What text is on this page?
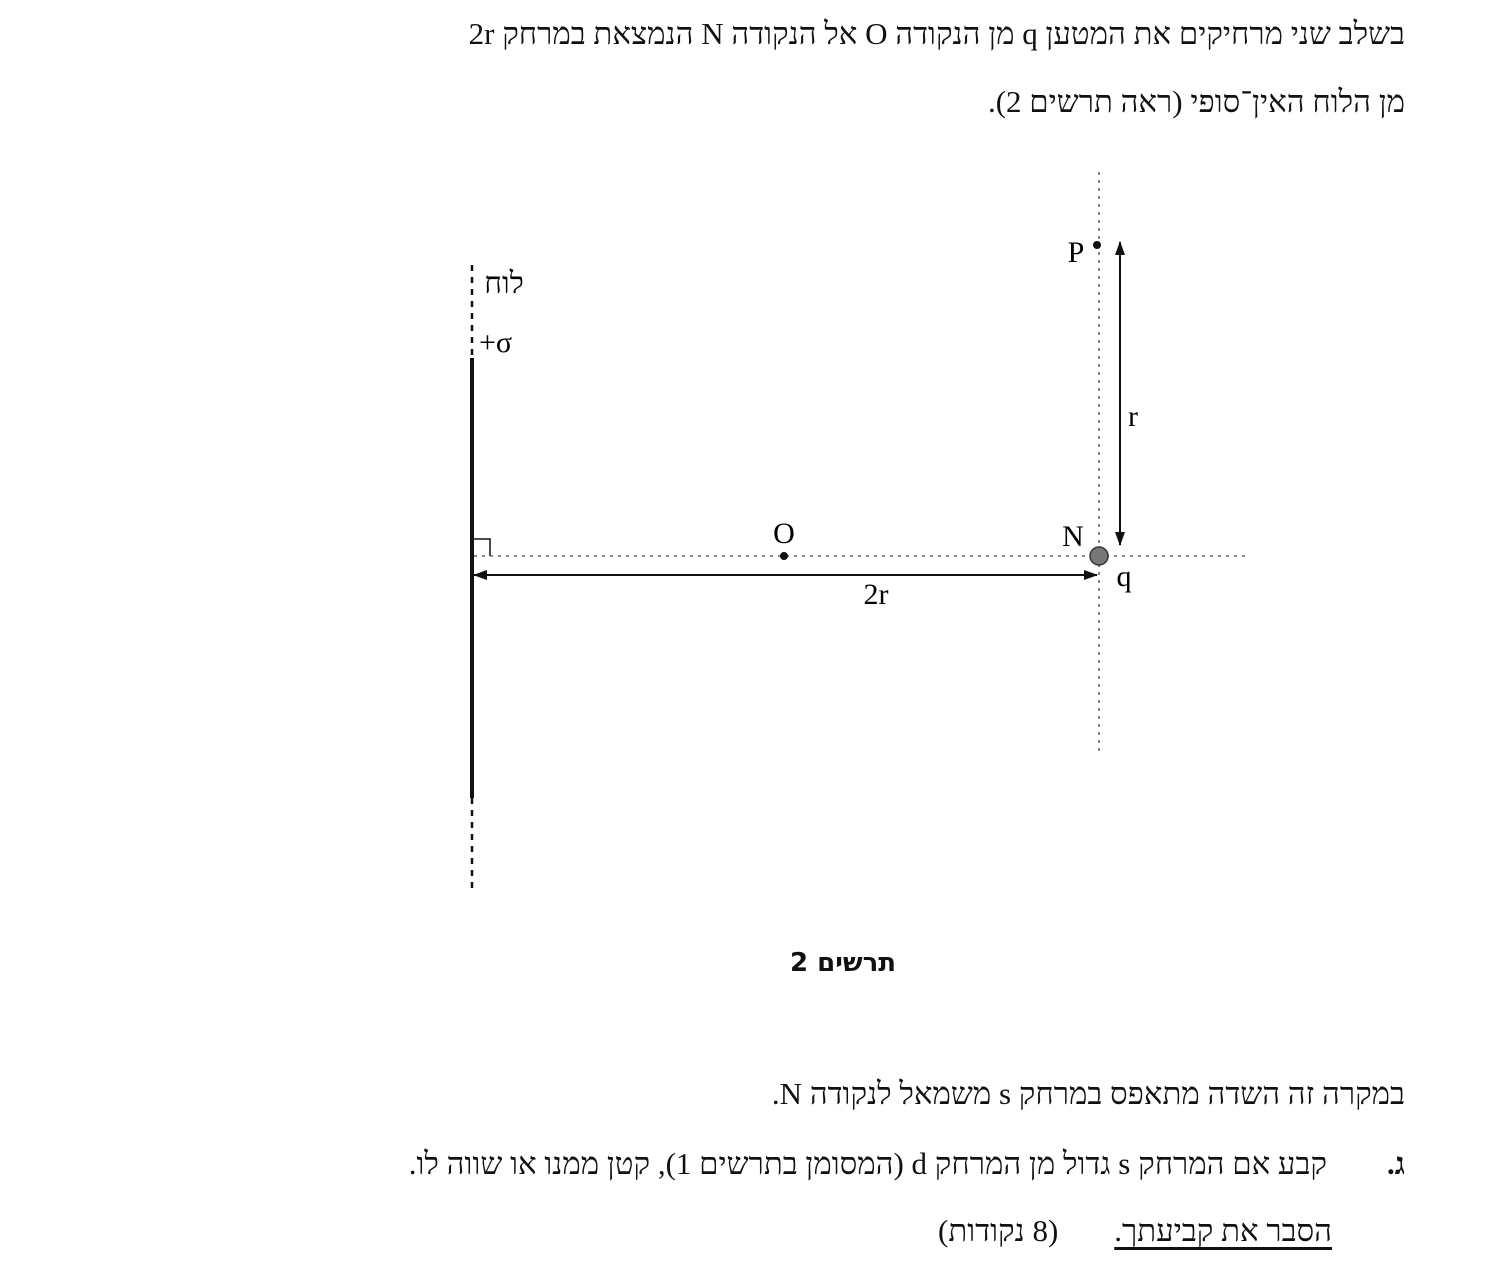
בשלב שני מרחיקים את המטען q מן הנקודה O אל הנקודה N הנמצאת במרחק 2r
מן הלוח האין־סופי (ראה תרשים 2).
לוח
+σ
O	N
P
q
2r
r
תרשים 2
במקרה זה השדה מתאפס במרחק s משמאל לנקודה N.
ג.קבע אם המרחק s גדול מן המרחק d (המסומן בתרשים 1), קטן ממנו או שווה לו.
הסבר את קביעתך.(8 נקודות)
